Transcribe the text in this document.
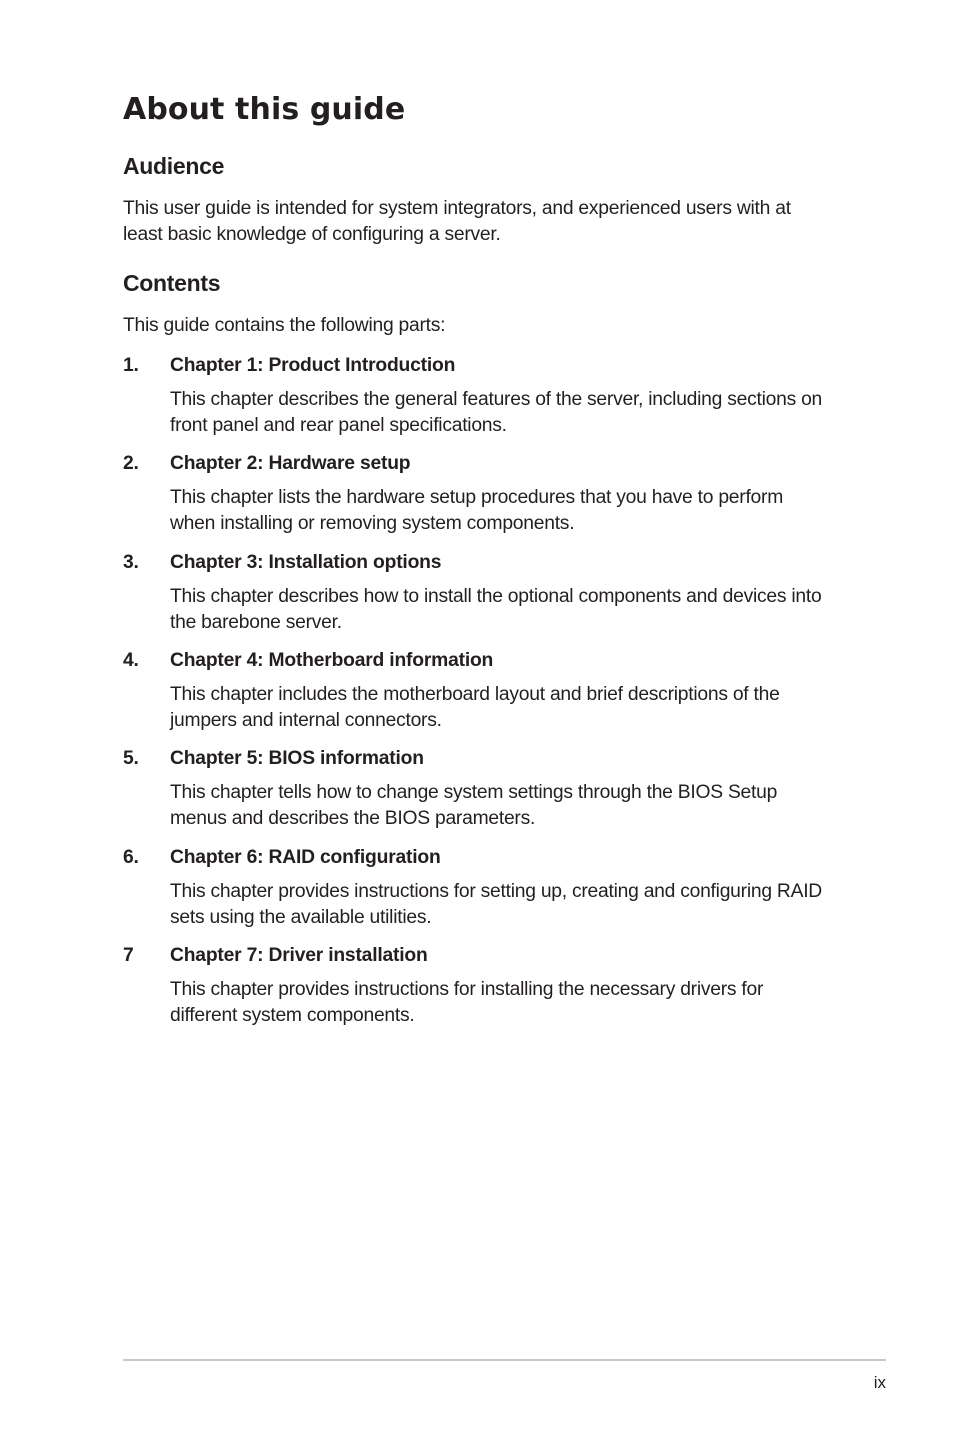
About this guide
Audience

This user guide is intended for system integrators, and experienced users with at least basic knowledge of configuring a server.

Contents

This guide contains the following parts:

1. Chapter 1: Product Introduction

This chapter describes the general features of the server, including sections on front panel and rear panel specifications.

2. Chapter 2: Hardware setup

This chapter lists the hardware setup procedures that you have to perform when installing or removing system components.

3. Chapter 3: Installation options

This chapter describes how to install the optional components and devices into the barebone server.

4. Chapter 4: Motherboard information

This chapter includes the motherboard layout and brief descriptions of the jumpers and internal connectors.

5. Chapter 5: BIOS information

This chapter tells how to change system settings through the BIOS Setup menus and describes the BIOS parameters.

6. Chapter 6: RAID configuration

This chapter provides instructions for setting up, creating and configuring RAID sets using the available utilities.

7 Chapter 7: Driver installation

This chapter provides instructions for installing the necessary drivers for different system components.

ix
